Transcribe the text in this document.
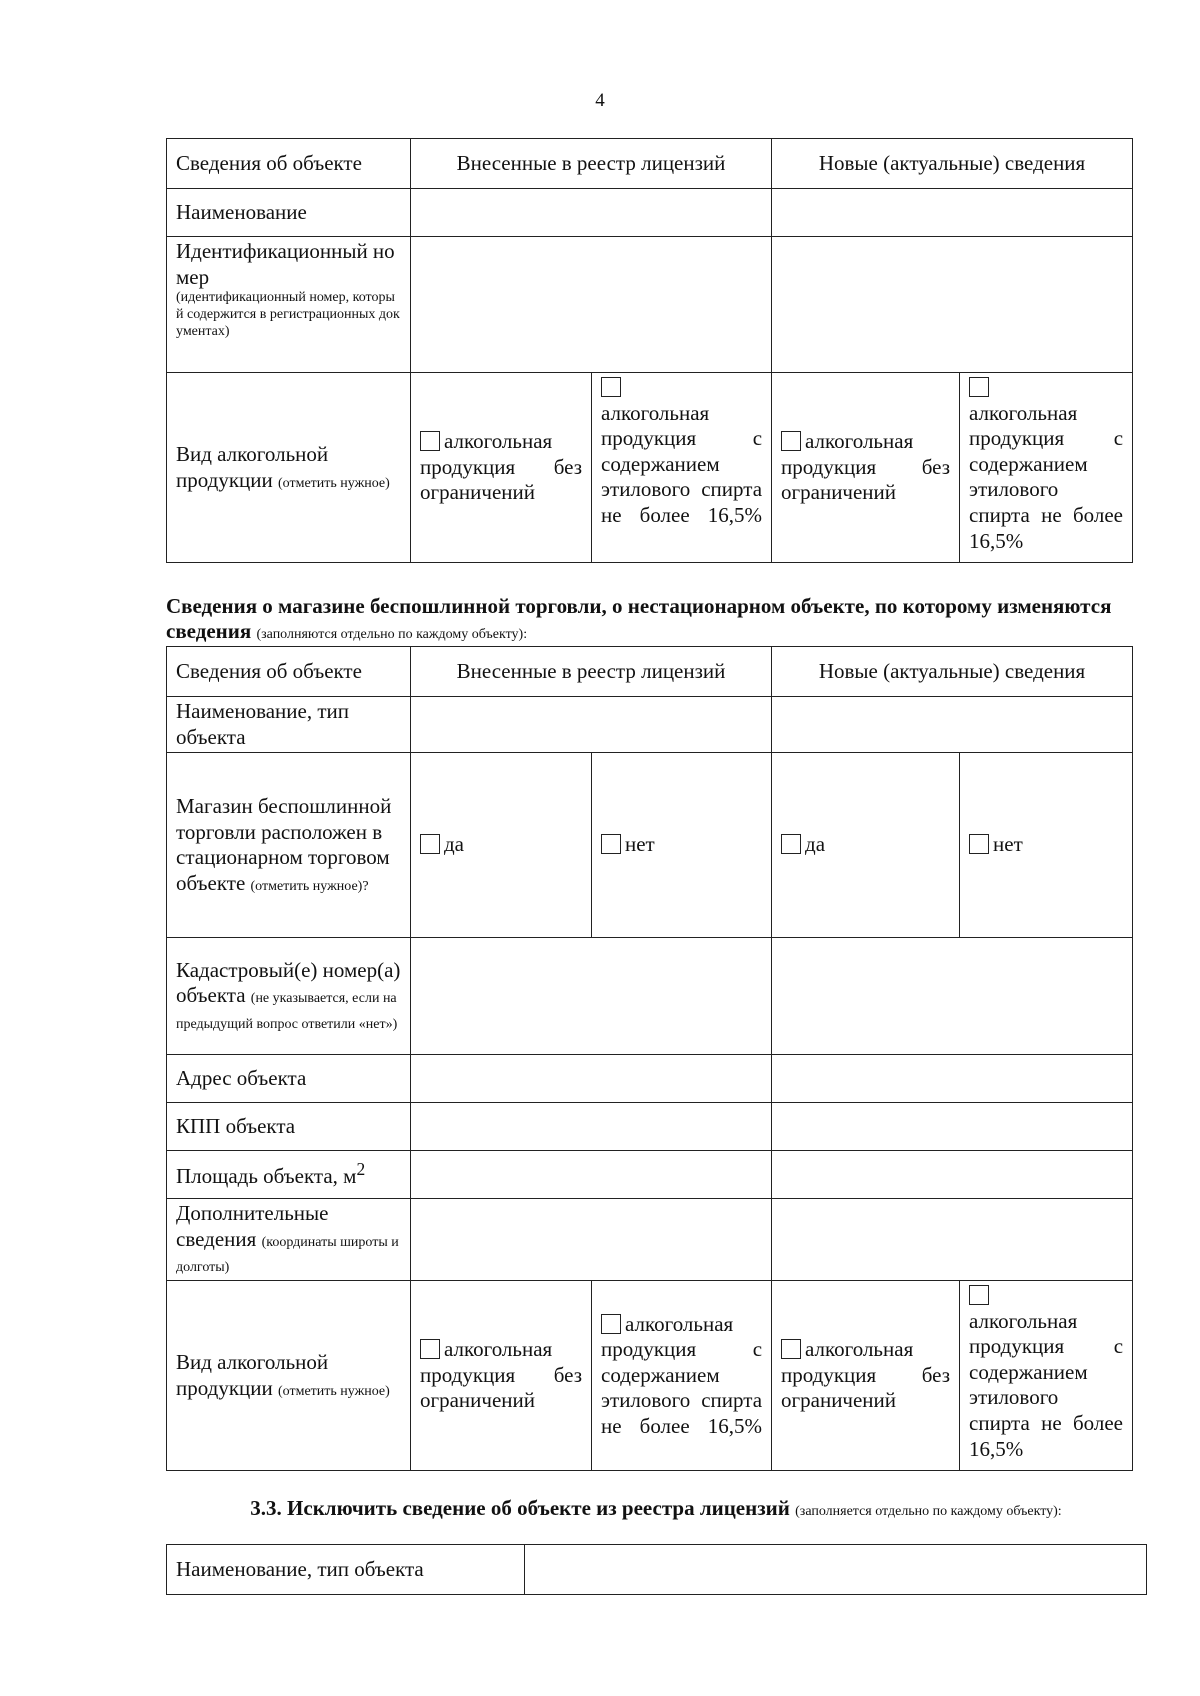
4
Сведения об объекте	Внесенные в реестр лицензий		Новые (актуальные) сведения	
Наименование				

Идентификационный номер
(идентификационный номер, который содержится в регистрационных документах)				

Вид алкогольной продукции (отметить нужное)	алкогольная продукция без ограничений	алкогольная продукция с содержанием этилового спирта не более 16,5%	алкогольная продукция без ограничений	алкогольная продукция с содержанием этилового спирта не более 16,5%
Сведения о магазине беспошлинной торговли, о нестационарном объекте, по которому изменяются сведения (заполняются отдельно по каждому объекту):
Сведения об объекте	Внесенные в реестр лицензий		Новые (актуальные) сведения	
Наименование, тип объекта				
Магазин беспошлинной торговли расположен в стационарном торговом объекте (отметить нужное)?	да	нет	да	нет
Кадастровый(е) номер(а) объекта (не указывается, если на предыдущий вопрос ответили «нет»)				
Адрес объекта				
КПП объекта				
Площадь объекта, $м^2$		
Дополнительные сведения (координаты широты и долготы)				
Вид алкогольной продукции (отметить нужное)	алкогольная продукция без ограничений	алкогольная продукция с содержанием этилового спирта не более 16,5%	алкогольная продукция без ограничений	алкогольная продукция с содержанием этилового спирта не более 16,5%
3.3. Исключить сведение об объекте из реестра лицензий (заполняется отдельно по каждому объекту):
Наименование, тип объекта	
